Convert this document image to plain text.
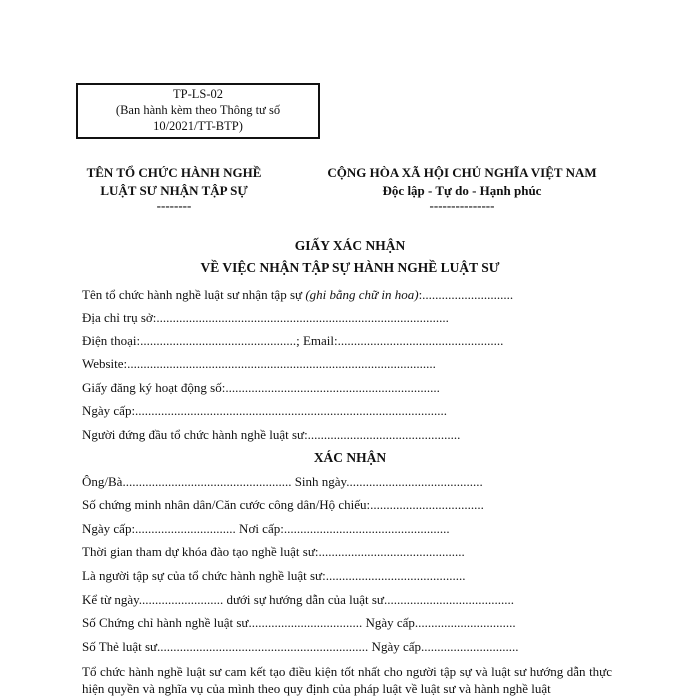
TP-LS-02
(Ban hành kèm theo Thông tư số 10/2021/TT-BTP)
TÊN TỔ CHỨC HÀNH NGHỀ
LUẬT SƯ NHẬN TẬP SỰ
--------
CỘNG HÒA XÃ HỘI CHỦ NGHĨA VIỆT NAM
Độc lập - Tự do - Hạnh phúc
---------------
GIẤY XÁC NHẬN
VỀ VIỆC NHẬN TẬP SỰ HÀNH NGHỀ LUẬT SƯ
Tên tổ chức hành nghề luật sư nhận tập sự (ghi bằng chữ in hoa):............................
Địa chỉ trụ sở:..........................................................................................
Điện thoại:................................................; Email:...................................................
Website:...............................................................................................
Giấy đăng ký hoạt động số:..................................................................
Ngày cấp:................................................................................................
Người đứng đầu tổ chức hành nghề luật sư:...............................................
XÁC NHẬN
Ông/Bà.................................................... Sinh ngày..........................................
Số chứng minh nhân dân/Căn cước công dân/Hộ chiếu:...................................
Ngày cấp:............................... Nơi cấp:...................................................
Thời gian tham dự khóa đào tạo nghề luật sư:.............................................
Là người tập sự của tổ chức hành nghề luật sư:...........................................
Kể từ ngày.......................... dưới sự hướng dẫn của luật sư........................................
Số Chứng chỉ hành nghề luật sư................................... Ngày cấp...............................
Số Thẻ luật sư................................................................. Ngày cấp..............................
Tổ chức hành nghề luật sư cam kết tạo điều kiện tốt nhất cho người tập sự và luật sư hướng dẫn thực hiện quyền và nghĩa vụ của mình theo quy định của pháp luật về luật sư và hành nghề luật
